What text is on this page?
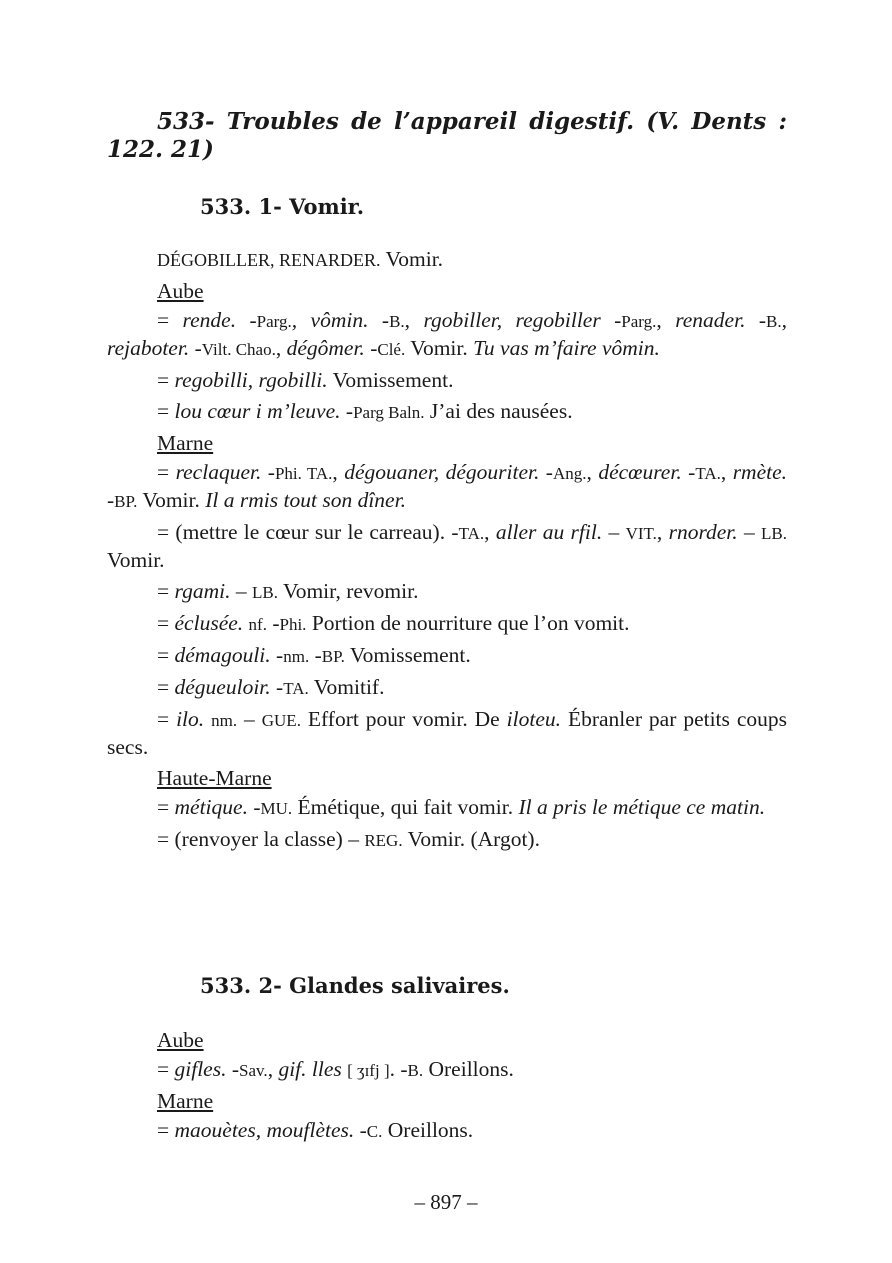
533- Troubles de l’appareil digestif. (V. Dents : 122. 21)
533. 1- Vomir.

DÉGOBILLER, RENARDER. Vomir.

Aube

= rende. -Parg., vômin. -B., rgobiller, regobiller -Parg., renader. -B., rejaboter. -Vilt. Chao., dégômer. -Clé. Vomir. Tu vas m’faire vômin.

= regobilli, rgobilli. Vomissement.

= lou cœur i m’leuve. -Parg Baln. J’ai des nausées.

Marne

= reclaquer. -Phi. TA., dégouaner, dégouriter. -Ang., décœurer. -TA., rmète. -BP. Vomir. Il a rmis tout son dîner.

= (mettre le cœur sur le carreau). -TA., aller au rfil. – VIT., rnorder. – LB. Vomir.

= rgami. – LB. Vomir, revomir.

= éclusée. nf. -Phi. Portion de nourriture que l’on vomit.

= démagouli. -nm. -BP. Vomissement.

= dégueuloir. -TA. Vomitif.

= ilo. nm. – GUE. Effort pour vomir. De iloteu. Ébranler par petits coups secs.

Haute-Marne

= métique. -MU. Émétique, qui fait vomir. Il a pris le métique ce matin.

= (renvoyer la classe) – REG. Vomir. (Argot).

533. 2- Glandes salivaires.

Aube

= gifles. -Sav., gif. lles [ ʒɪfj ]. -B. Oreillons.

Marne

= maouètes, mouflètes. -C. Oreillons.

– 897 –
